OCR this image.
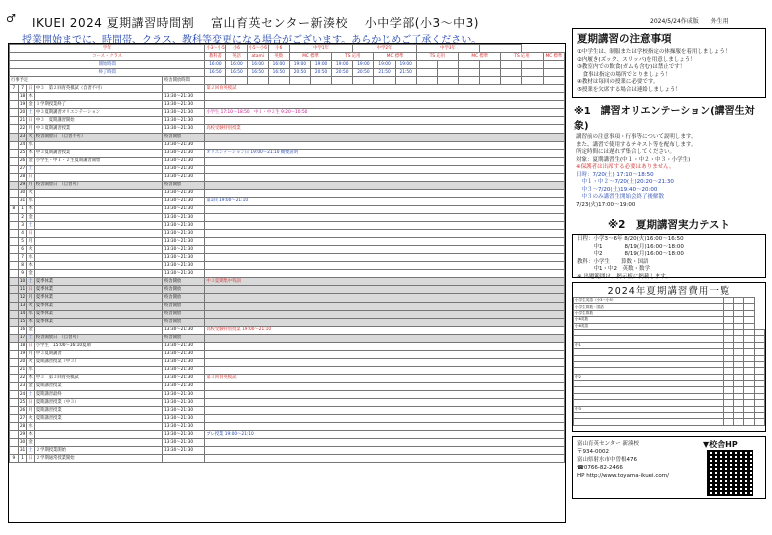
♂ IKUEI 2024 夏期講習時間割　 富山育英センター新湊校　 小中学部(小3〜中3)	2024/5/24作成版　　外生用
授業開始までに、時間帯、クラス、教科等変更になる場合がございます。あらかじめご了承ください。
学年					小3〜小5	小6	小5〜小6	小6	中学1年			中学2年			中学3年						
コース・クラス					教科書	英語	atami	英数	MC 標準		TS 応用		MC 標準		TS 応用		MC 標準		TS 応用		MC 標準
開始時間					16:00	16:00	16:00	16:00	19:00	19:00	19:00	19:00	19:00	19:00							
終了時間					16:50	16:50	16:50	16:50	20:50	20:50	20:50	20:50	21:50	21:50							
行事予定				校舎開放時間																	
7	7	日	中３　第２回育英模試（自習不可）		第２回育英模試																
	18	木		13:30〜21:30																	
	19	金	１学期授業終了	13:30〜21:30																	
	20	土	中３夏期講習オリエンテーション	13:30〜21:30	小学生 17:10〜18:50　中１・中２生 9:20〜10:50																
	21	日	中３　夏期講習開始	13:30〜21:30																	
	22	月	中３夏期講習授業	13:30〜21:30	高校受験特別授業																
	23	火	校舎開放日　（自習不可）	校舎開放																	
	24	水		13:30〜21:30																	
	25	木	中３夏期講習授業	13:30〜21:30	オリエンテーション日 19:00〜21:10 概要説明																
	26	金	小学生・中１・２生夏期講習開始	13:30〜21:30																	
	27	土		13:30〜21:30																	
	28	日		13:30〜21:30																	
	29	月	校舎開放日　（自習可）	校舎開放																	
	30	火		13:30〜21:30																	
	31	水		13:30〜21:30	第1回 19:00〜21:10																
8	1	木		13:30〜21:30																	
	2	金		13:30〜21:30																	
	3	土		13:30〜21:30																	
	4	日		13:30〜21:30																	
	5	月		13:30〜21:30																	
	6	火		13:30〜21:30																	
	7	水		13:30〜21:30																	
	8	木		13:30〜21:30																	
	9	金		13:30〜21:30																	
	10	土	夏季休業	校舎開放	中３夏期集中特訓																
	11	日	夏季休業	校舎開放																	
	12	月	夏季休業	校舎開放																	
	13	火	夏季休業	校舎開放																	
	14	水	夏季休業	校舎開放																	
	15	木	夏季休業	校舎開放																	
	16	金		13:30〜21:30	高校受験特別授業 19:00〜21:10																
	17	土	校舎開放日　（自習可）	校舎開放																	
	18	日	小学生　15:00〜16:10夏期	13:30〜21:30																	
	19	月	中３夏期講習	13:30〜21:30																	
	20	火	夏期講習授業（中３）	13:30〜21:30																	
	21	水		13:30〜21:30																	
	22	木	中３　第３回育英模試	13:30〜21:30	第３回育英模試																
	23	金	夏期講習授業	13:30〜21:30																	
	24	土	夏期講習最終	13:30〜21:30																	
	25	日	夏期講習授業（中３）	13:30〜21:30																	
	26	月	夏期講習授業	13:30〜21:30																	
	27	火	夏期講習授業	13:30〜21:30																	
	28	水		13:30〜21:30																	
	29	木		13:30〜21:30	ブレ授業 19:00〜21:10																
	30	金		13:30〜21:30																	
	31	土	２学期授業開始	13:30〜21:30																	
9	1	日	２学期通常授業開始																		
夏期講習の注意事項
①中学生は、制服または学校指定の体操服を着用しましょう！
②内履き(ズック、スリッパ)を用意しましょう！
③教室内での飲食(ガムも含む)は禁止です！
　食事は指定の場所でとりましょう！
④教材は毎回の授業に必要です。
⑤授業を欠席する場合は連絡しましょう！
※1　講習オリエンテーション(講習生対象)
講習前の注意事項・行事等について説明します。
また、講習で使用するテキスト等を配布します。
所定時間には遅れず集合してください。
対象：夏期講習生(中１・中２・中３・小学生)
※保護者は出席する必要はありません。
日時：7/20(土) 17:10〜18:50
　中１・中２〜7/20(土)20:20〜21:30
　中３〜7/20(土)19:40〜20:00
　中３のみ講習生開始会終了後解散
7/23(火)17:00〜19:00
※2　夏期講習実力テスト
日程：小学3〜6年 8/20(火)16:00〜16:50
　　　中1　　　　8/19(月)16:00〜18:00
　　　中2　　　　8/19(月)16:00〜18:00
教科：小学生　　算数・国語
　　　中1・中2　英数・数学
※ 出題範囲は、掲示板に掲載します。
2024年夏期講習費用一覧
小学生英語（小3〜小5）				
小学生算数・国語				
小学生算数				
小6英数				
小6英語				

中1				

中2				

中3				

富山育英センター 新湊校
〒934-0002
富山県射水市中曽根476
☎0766-82-2466
HP http://www.toyama-ikuei.com/
▼校舎HP
